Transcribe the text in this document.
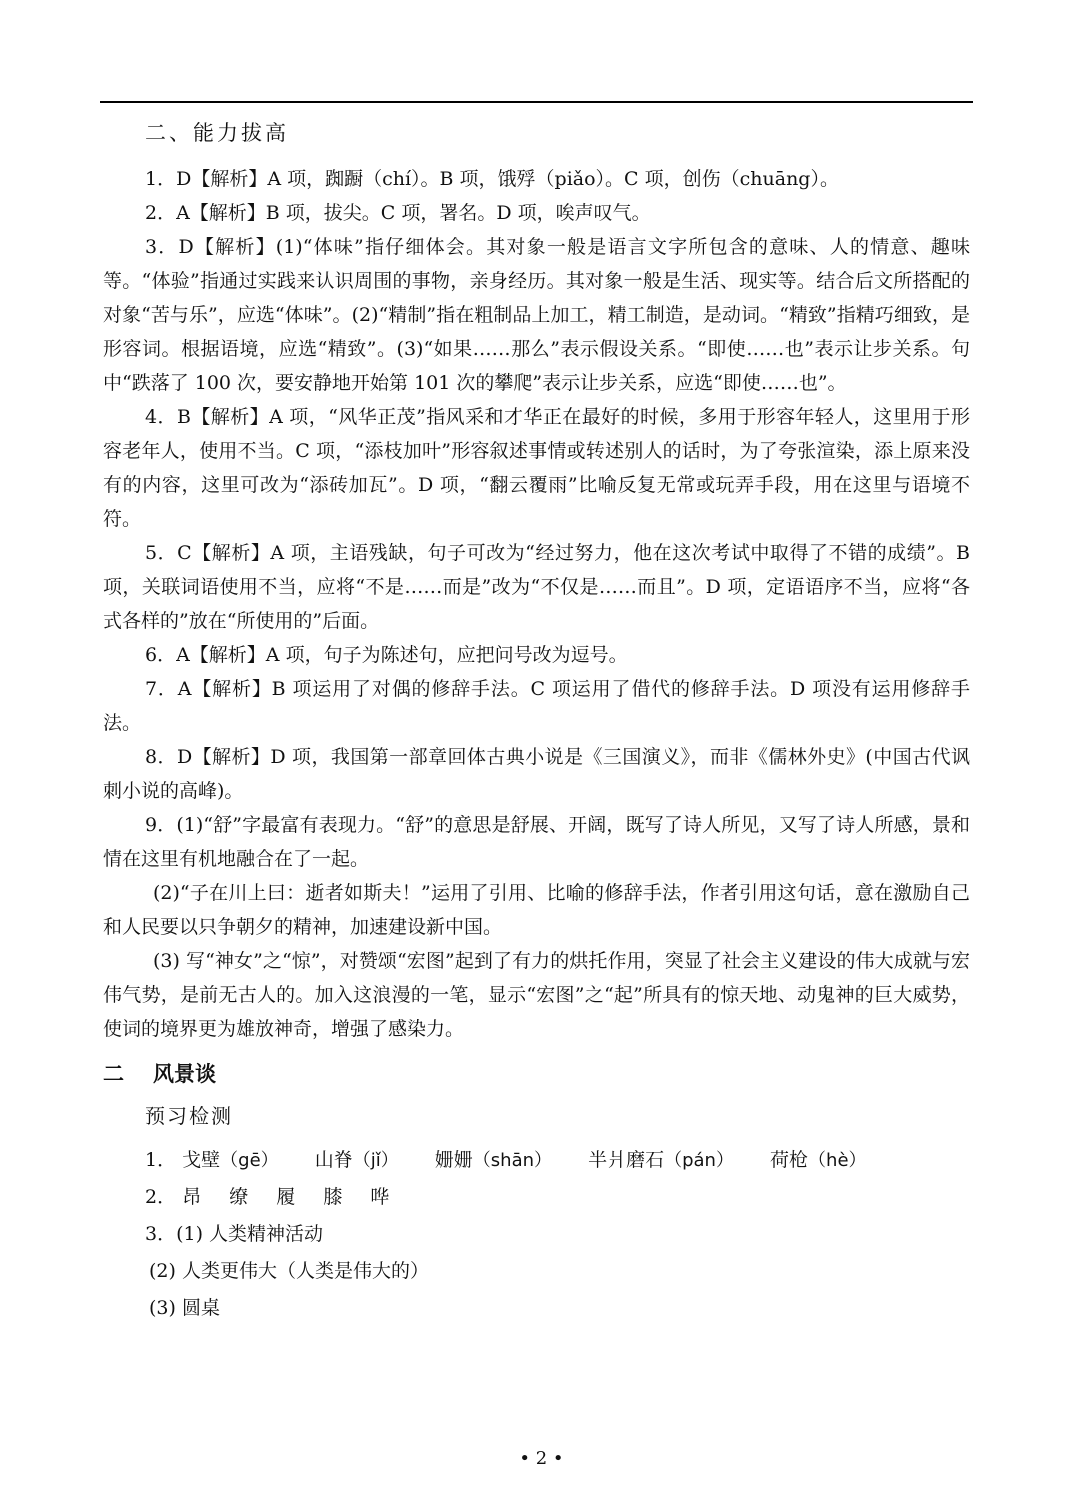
二、能力拔高

1．D【解析】A 项，踟蹰（chí）。B 项，饿殍（piǎo）。C 项，创伤（chuāng）。

2．A【解析】B 项，拔尖。C 项，署名。D 项，唉声叹气。

3．D【解析】(1)“体味”指仔细体会。其对象一般是语言文字所包含的意味、人的情意、趣味等。“体验”指通过实践来认识周围的事物，亲身经历。其对象一般是生活、现实等。结合后文所搭配的对象“苦与乐”，应选“体味”。(2)“精制”指在粗制品上加工，精工制造，是动词。“精致”指精巧细致，是形容词。根据语境，应选“精致”。(3)“如果……那么”表示假设关系。“即使……也”表示让步关系。句中“跌落了 100 次，要安静地开始第 101 次的攀爬”表示让步关系，应选“即使……也”。

4．B【解析】A 项，“风华正茂”指风采和才华正在最好的时候，多用于形容年轻人，这里用于形容老年人，使用不当。C 项，“添枝加叶”形容叙述事情或转述别人的话时，为了夸张渲染，添上原来没有的内容，这里可改为“添砖加瓦”。D 项，“翻云覆雨”比喻反复无常或玩弄手段，用在这里与语境不符。

5．C【解析】A 项，主语残缺，句子可改为“经过努力，他在这次考试中取得了不错的成绩”。B 项，关联词语使用不当，应将“不是……而是”改为“不仅是……而且”。D 项，定语语序不当，应将“各式各样的”放在“所使用的”后面。

6．A【解析】A 项，句子为陈述句，应把问号改为逗号。

7．A【解析】B 项运用了对偶的修辞手法。C 项运用了借代的修辞手法。D 项没有运用修辞手法。

8．D【解析】D 项，我国第一部章回体古典小说是《三国演义》，而非《儒林外史》(中国古代讽刺小说的高峰)。

9．(1)“舒”字最富有表现力。“舒”的意思是舒展、开阔，既写了诗人所见，又写了诗人所感，景和情在这里有机地融合在了一起。

(2)“子在川上曰：逝者如斯夫！”运用了引用、比喻的修辞手法，作者引用这句话，意在激励自己和人民要以只争朝夕的精神，加速建设新中国。

(3) 写“神女”之“惊”，对赞颂“宏图”起到了有力的烘托作用，突显了社会主义建设的伟大成就与宏伟气势，是前无古人的。加入这浪漫的一笔，显示“宏图”之“起”所具有的惊天地、动鬼神的巨大威势，使词的境界更为雄放神奇，增强了感染力。

二 风景谈
预习检测
1． 戈壁（gē） 山脊（jǐ） 姗姗（shān） 半爿磨石（pán） 荷枪（hè）
2． 昂 缭 履 膝 哗
3．(1) 人类精神活动
(2) 人类更伟大（人类是伟大的）
(3) 圆桌
• 2 •
